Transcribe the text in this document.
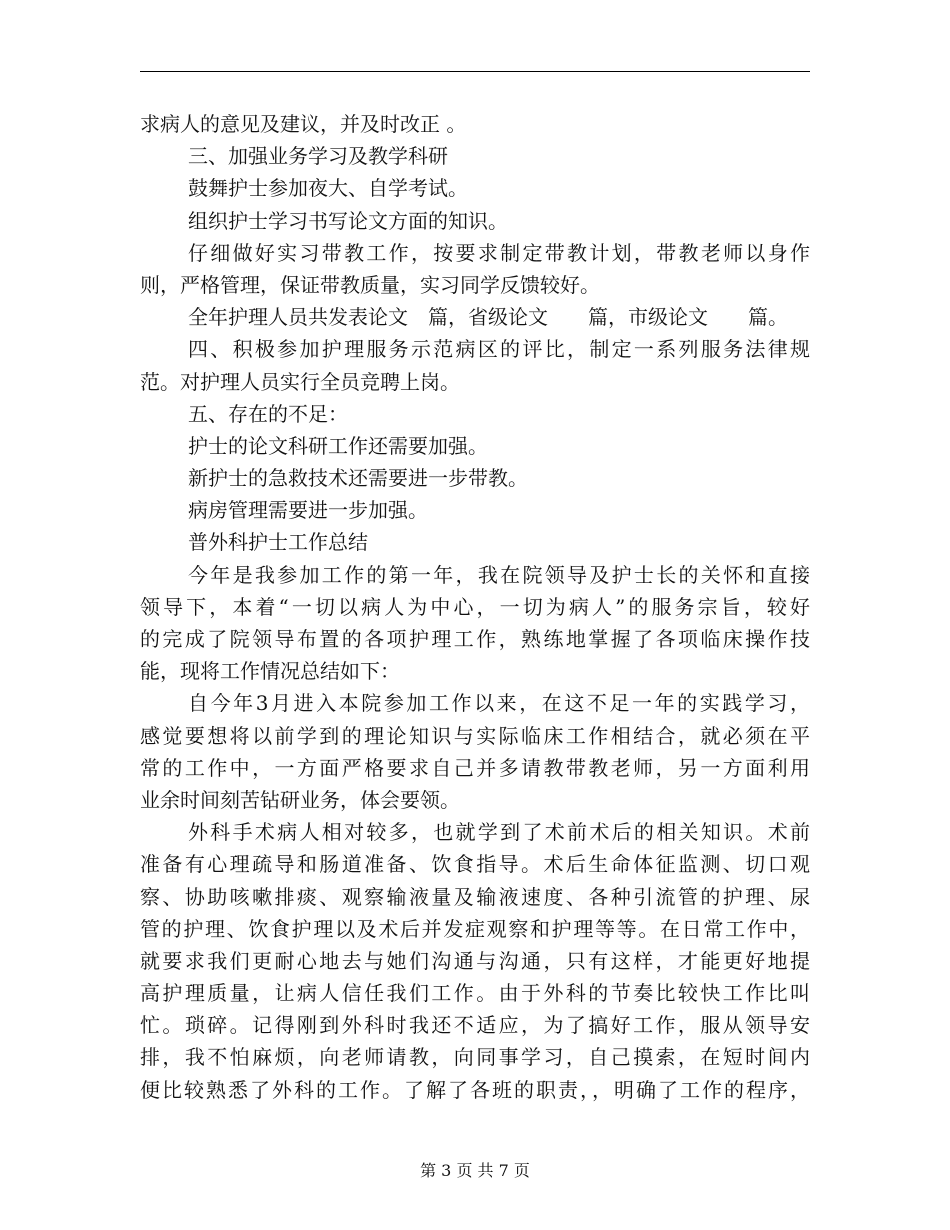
求病人的意见及建议，并及时改正 。
三、加强业务学习及教学科研
鼓舞护士参加夜大、自学考试。
组织护士学习书写论文方面的知识。
仔细做好实习带教工作，按要求制定带教计划，带教老师以身作
则，严格管理，保证带教质量，实习同学反馈较好。
全年护理人员共发表论文　篇，省级论文　　篇，市级论文　　篇。
四、积极参加护理服务示范病区的评比，制定一系列服务法律规
范。对护理人员实行全员竞聘上岗。
五、存在的不足：
护士的论文科研工作还需要加强。
新护士的急救技术还需要进一步带教。
病房管理需要进一步加强。
普外科护士工作总结
今年是我参加工作的第一年，我在院领导及护士长的关怀和直接
领导下，本着“一切以病人为中心，一切为病人”的服务宗旨，较好
的完成了院领导布置的各项护理工作，熟练地掌握了各项临床操作技
能，现将工作情况总结如下：
自今年3月进入本院参加工作以来，在这不足一年的实践学习，
感觉要想将以前学到的理论知识与实际临床工作相结合，就必须在平
常的工作中，一方面严格要求自己并多请教带教老师，另一方面利用
业余时间刻苦钻研业务，体会要领。
外科手术病人相对较多，也就学到了术前术后的相关知识。术前
准备有心理疏导和肠道准备、饮食指导。术后生命体征监测、切口观
察、协助咳嗽排痰、观察输液量及输液速度、各种引流管的护理、尿
管的护理、饮食护理以及术后并发症观察和护理等等。在日常工作中，
就要求我们更耐心地去与她们沟通与沟通，只有这样，才能更好地提
高护理质量，让病人信任我们工作。由于外科的节奏比较快工作比叫
忙。琐碎。记得刚到外科时我还不适应，为了搞好工作，服从领导安
排，我不怕麻烦，向老师请教，向同事学习，自己摸索，在短时间内
便比较熟悉了外科的工作。了解了各班的职责，，明确了工作的程序，
第 3 页 共 7 页
